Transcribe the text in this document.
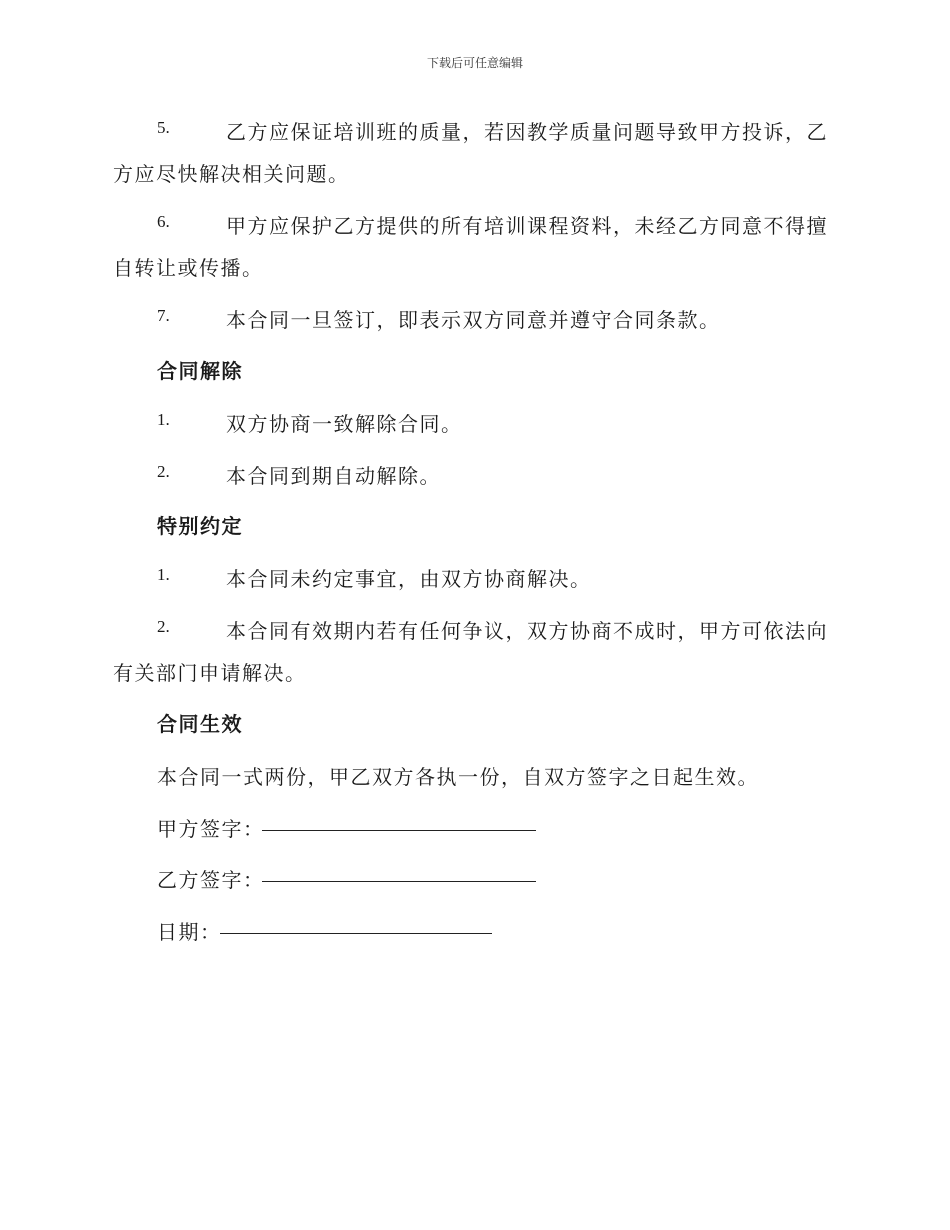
下载后可任意编辑
5.	乙方应保证培训班的质量，若因教学质量问题导致甲方投诉，乙
方应尽快解决相关问题。
6.	甲方应保护乙方提供的所有培训课程资料，未经乙方同意不得擅
自转让或传播。
7.	本合同一旦签订，即表示双方同意并遵守合同条款。
合同解除
1.	双方协商一致解除合同。
2.	本合同到期自动解除。
特别约定
1.	本合同未约定事宜，由双方协商解决。
2.	本合同有效期内若有任何争议，双方协商不成时，甲方可依法向
有关部门申请解决。
合同生效
本合同一式两份，甲乙双方各执一份，自双方签字之日起生效。
甲方签字：
乙方签字：
日期：
